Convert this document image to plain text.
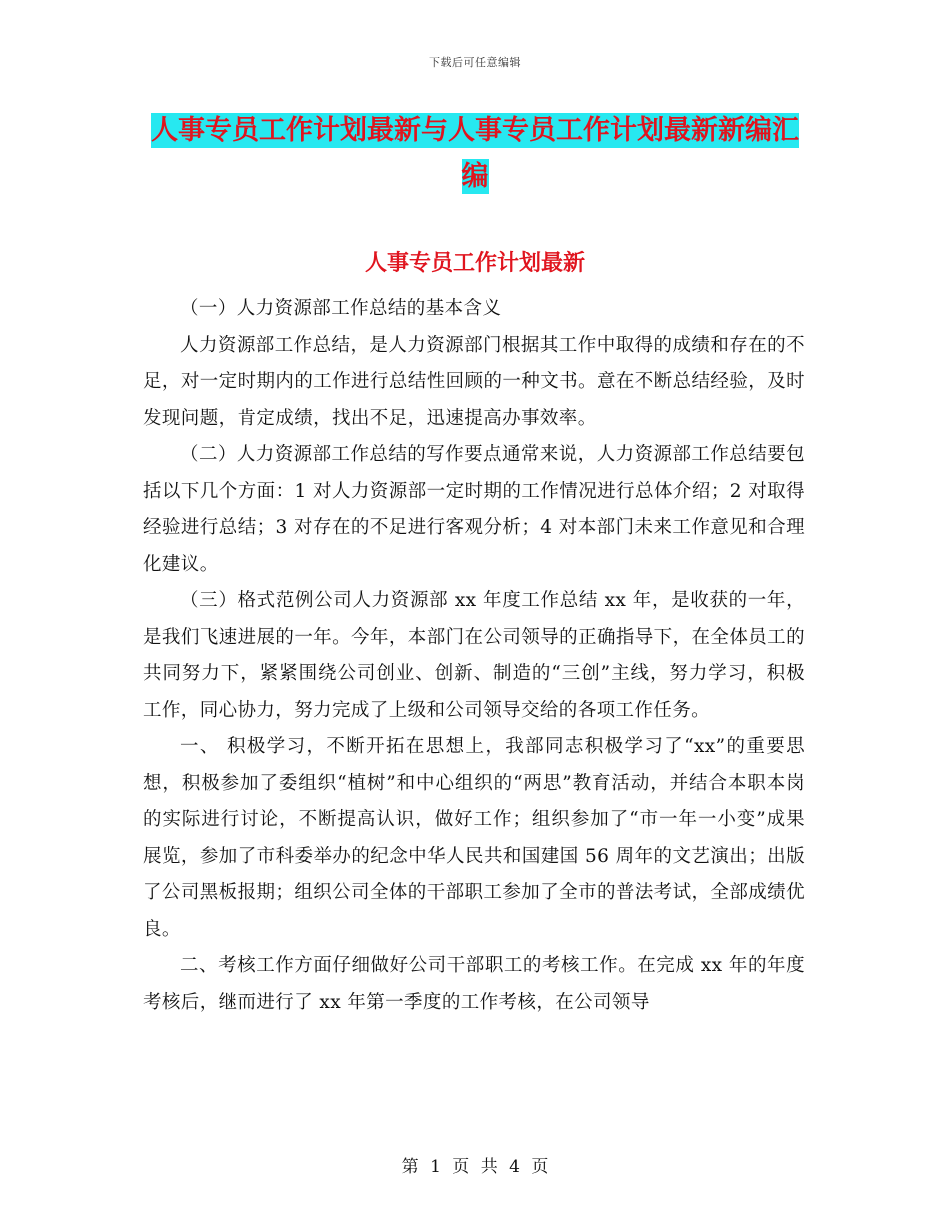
下载后可任意编辑
人事专员工作计划最新与人事专员工作计划最新新编汇编
人事专员工作计划最新

（一）人力资源部工作总结的基本含义

人力资源部工作总结，是人力资源部门根据其工作中取得的成绩和存在的不足，对一定时期内的工作进行总结性回顾的一种文书。意在不断总结经验，及时发现问题，肯定成绩，找出不足，迅速提高办事效率。

（二）人力资源部工作总结的写作要点通常来说，人力资源部工作总结要包括以下几个方面：1 对人力资源部一定时期的工作情况进行总体介绍；2 对取得经验进行总结；3 对存在的不足进行客观分析；4 对本部门未来工作意见和合理化建议。

（三）格式范例公司人力资源部 xx 年度工作总结 xx 年，是收获的一年，是我们飞速进展的一年。今年，本部门在公司领导的正确指导下，在全体员工的共同努力下，紧紧围绕公司创业、创新、制造的“三创”主线，努力学习，积极工作，同心协力，努力完成了上级和公司领导交给的各项工作任务。

一、 积极学习，不断开拓在思想上，我部同志积极学习了“xx”的重要思想，积极参加了委组织“植树”和中心组织的“两思”教育活动，并结合本职本岗的实际进行讨论，不断提高认识，做好工作；组织参加了“市一年一小变”成果展览，参加了市科委举办的纪念中华人民共和国建国 56 周年的文艺演出；出版了公司黑板报期；组织公司全体的干部职工参加了全市的普法考试，全部成绩优良。

二、考核工作方面仔细做好公司干部职工的考核工作。在完成 xx 年的年度考核后，继而进行了 xx 年第一季度的工作考核，在公司领导

第 1 页 共 4 页
